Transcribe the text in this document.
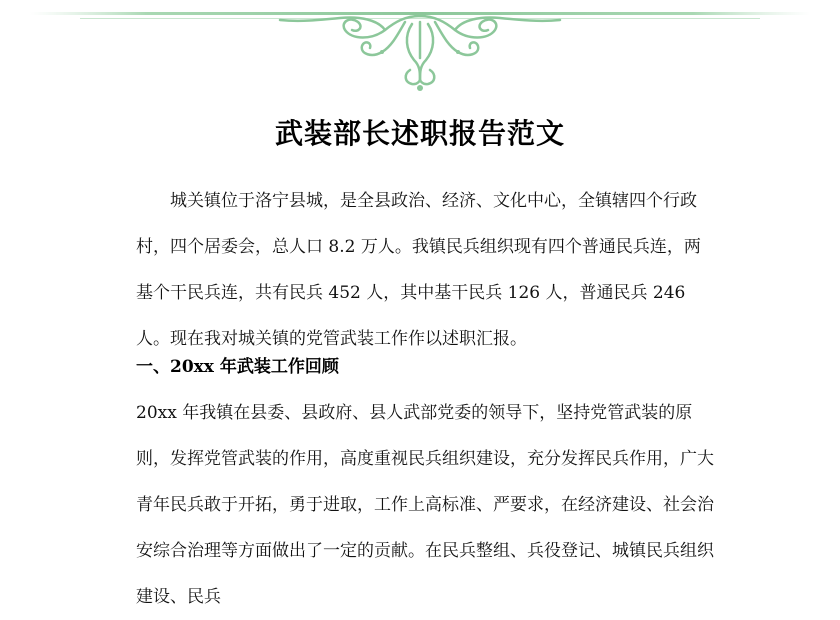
武装部长述职报告范文
城关镇位于洛宁县城，是全县政治、经济、文化中心，全镇辖四个行政村，四个居委会，总人口 8.2 万人。我镇民兵组织现有四个普通民兵连，两基个干民兵连，共有民兵 452 人，其中基干民兵 126 人，普通民兵 246 人。现在我对城关镇的党管武装工作作以述职汇报。
一、20xx 年武装工作回顾
20xx 年我镇在县委、县政府、县人武部党委的领导下，坚持党管武装的原则，发挥党管武装的作用，高度重视民兵组织建设，充分发挥民兵作用，广大青年民兵敢于开拓，勇于进取，工作上高标准、严要求，在经济建设、社会治安综合治理等方面做出了一定的贡献。在民兵整组、兵役登记、城镇民兵组织建设、民兵
